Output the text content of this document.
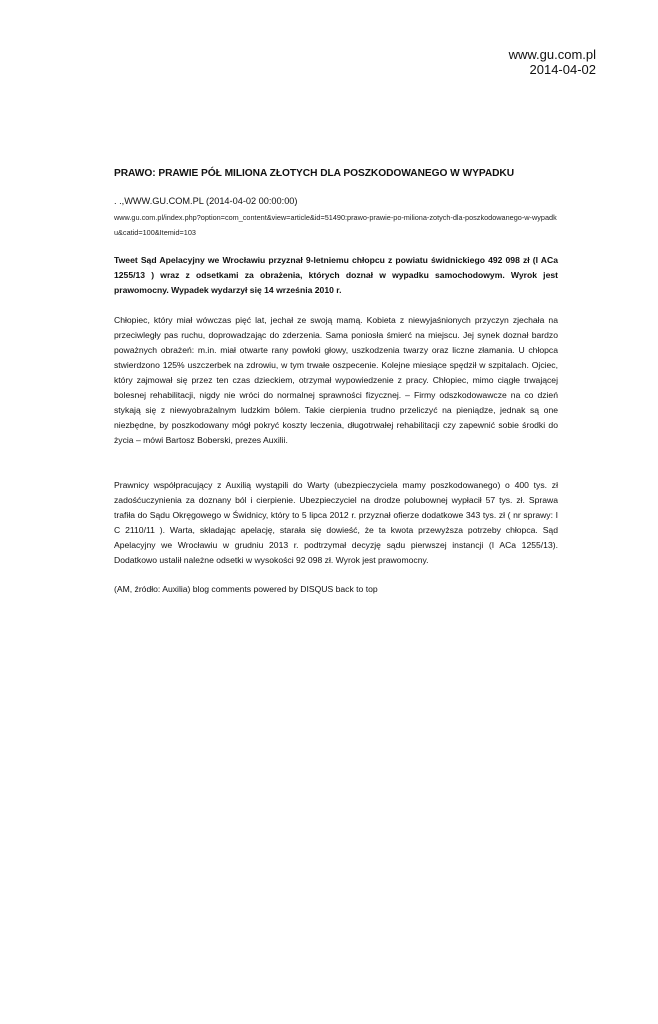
www.gu.com.pl
2014-04-02
PRAWO: PRAWIE PÓŁ MILIONA ZŁOTYCH DLA POSZKODOWANEGO W WYPADKU
. .,WWW.GU.COM.PL (2014-04-02 00:00:00)
www.gu.com.pl/index.php?option=com_content&view=article&id=51490:prawo-prawie-po-miliona-zotych-dla-poszkodowanego-w-wypadku&catid=100&Itemid=103
Tweet Sąd Apelacyjny we Wrocławiu przyznał 9-letniemu chłopcu z powiatu świdnickiego 492 098 zł (I ACa 1255/13 ) wraz z odsetkami za obrażenia, których doznał w wypadku samochodowym. Wyrok jest prawomocny. Wypadek wydarzył się 14 września 2010 r.
Chłopiec, który miał wówczas pięć lat, jechał ze swoją mamą. Kobieta z niewyjaśnionych przyczyn zjechała na przeciwległy pas ruchu, doprowadzając do zderzenia. Sama poniosła śmierć na miejscu. Jej synek doznał bardzo poważnych obrażeń: m.in. miał otwarte rany powłoki głowy, uszkodzenia twarzy oraz liczne złamania. U chłopca stwierdzono 125% uszczerbek na zdrowiu, w tym trwałe oszpecenie. Kolejne miesiące spędził w szpitalach. Ojciec, który zajmował się przez ten czas dzieckiem, otrzymał wypowiedzenie z pracy. Chłopiec, mimo ciągłe trwającej bolesnej rehabilitacji, nigdy nie wróci do normalnej sprawności fizycznej. – Firmy odszkodowawcze na co dzień stykają się z niewyobrażalnym ludzkim bólem. Takie cierpienia trudno przeliczyć na pieniądze, jednak są one niezbędne, by poszkodowany mógł pokryć koszty leczenia, długotrwałej rehabilitacji czy zapewnić sobie środki do życia – mówi Bartosz Boberski, prezes Auxilii.
Prawnicy współpracujący z Auxilią wystąpili do Warty (ubezpieczyciela mamy poszkodowanego) o 400 tys. zł zadośćuczynienia za doznany ból i cierpienie. Ubezpieczyciel na drodze polubownej wypłacił 57 tys. zł. Sprawa trafiła do Sądu Okręgowego w Świdnicy, który to 5 lipca 2012 r. przyznał ofierze dodatkowe 343 tys. zł ( nr sprawy: I C 2110/11 ). Warta, składając apelację, starała się dowieść, że ta kwota przewyższa potrzeby chłopca. Sąd Apelacyjny we Wrocławiu w grudniu 2013 r. podtrzymał decyzję sądu pierwszej instancji (I ACa 1255/13). Dodatkowo ustalił należne odsetki w wysokości 92 098 zł. Wyrok jest prawomocny.
(AM, źródło: Auxilia) blog comments powered by DISQUS back to top
